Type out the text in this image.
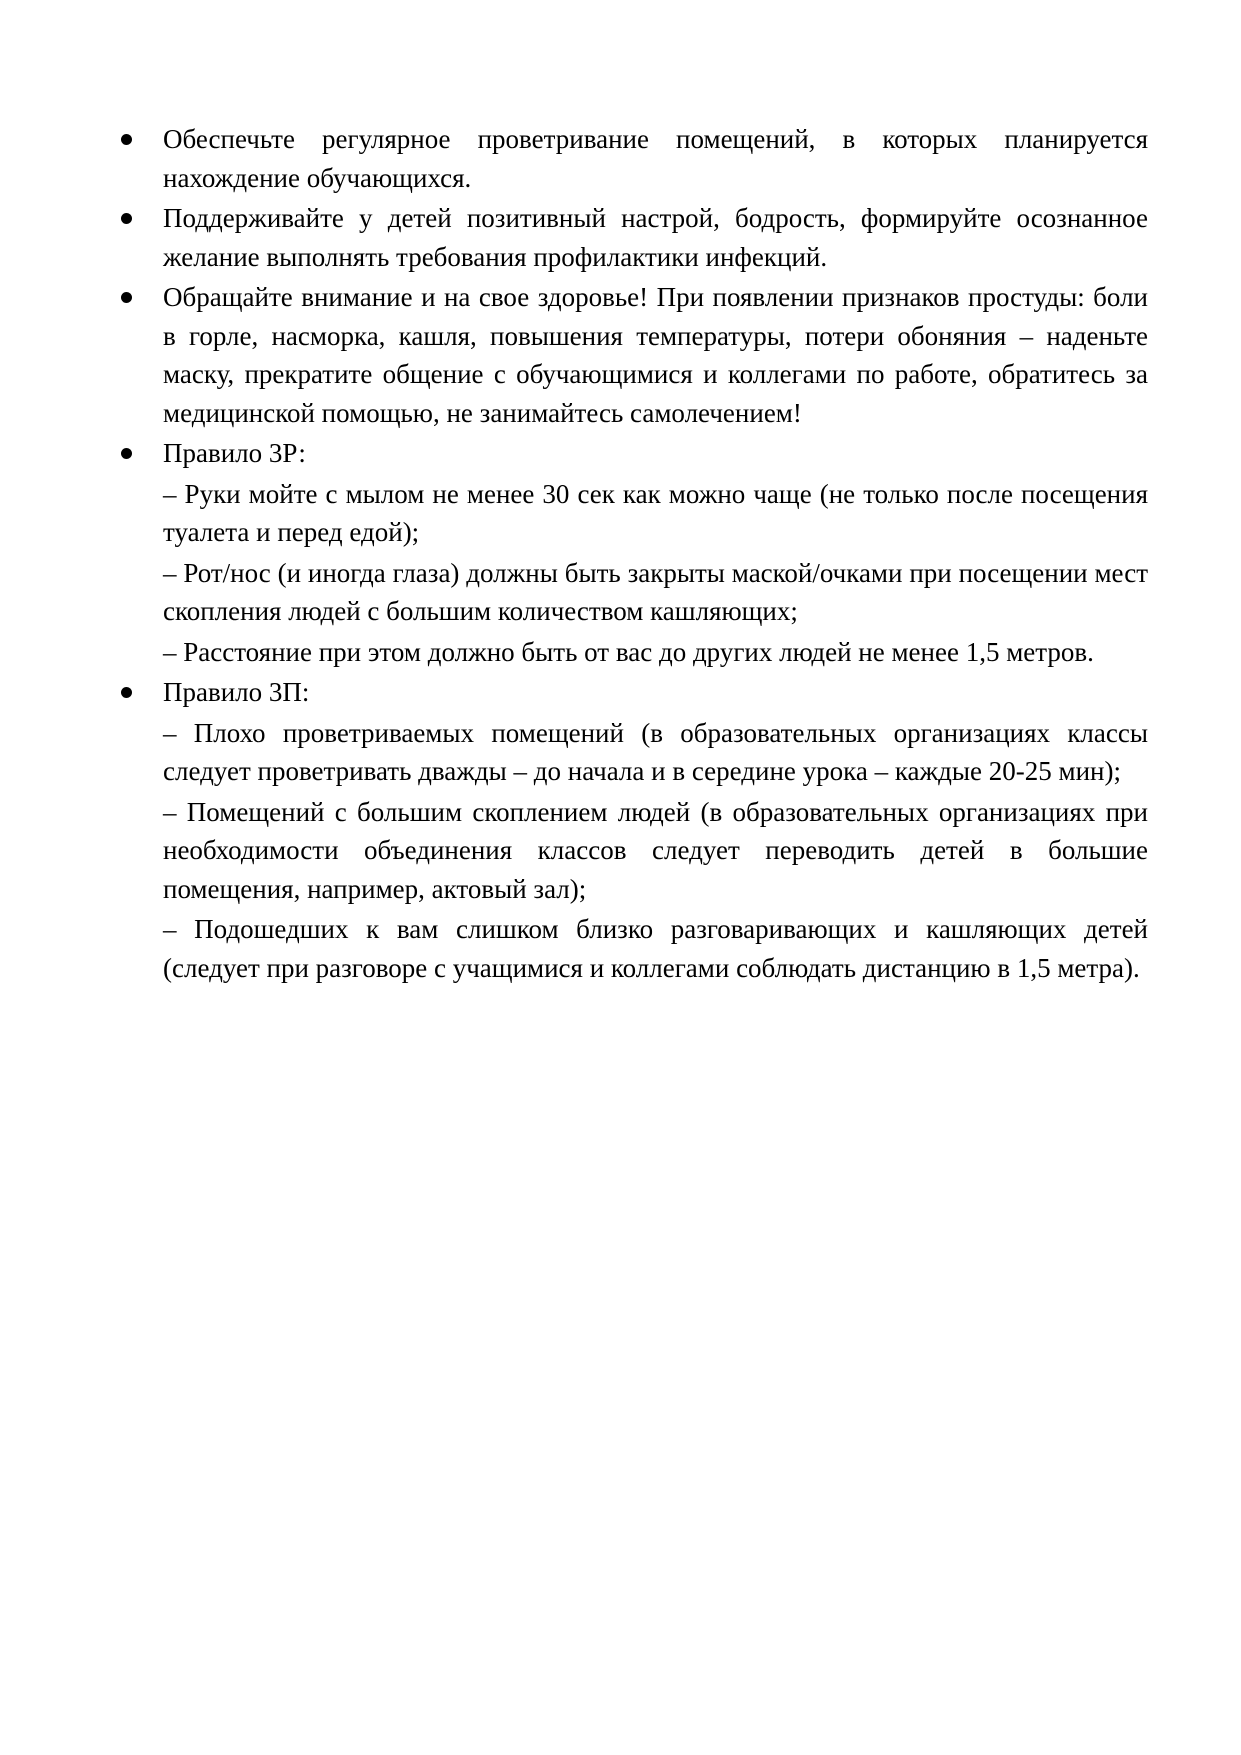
Обеспечьте регулярное проветривание помещений, в которых планируется нахождение обучающихся.
Поддерживайте у детей позитивный настрой, бодрость, формируйте осознанное желание выполнять требования профилактики инфекций.
Обращайте внимание и на свое здоровье! При появлении признаков простуды: боли в горле, насморка, кашля, повышения температуры, потери обоняния – наденьте маску, прекратите общение с обучающимися и коллегами по работе, обратитесь за медицинской помощью, не занимайтесь самолечением!
Правило 3Р:
– Руки мойте с мылом не менее 30 сек как можно чаще (не только после посещения туалета и перед едой);
– Рот/нос (и иногда глаза) должны быть закрыты маской/очками при посещении мест скопления людей с большим количеством кашляющих;
– Расстояние при этом должно быть от вас до других людей не менее 1,5 метров.
Правило 3П:
– Плохо проветриваемых помещений (в образовательных организациях классы следует проветривать дважды – до начала и в середине урока – каждые 20-25 мин);
– Помещений с большим скоплением людей (в образовательных организациях при необходимости объединения классов следует переводить детей в большие помещения, например, актовый зал);
– Подошедших к вам слишком близко разговаривающих и кашляющих детей (следует при разговоре с учащимися и коллегами соблюдать дистанцию в 1,5 метра).
